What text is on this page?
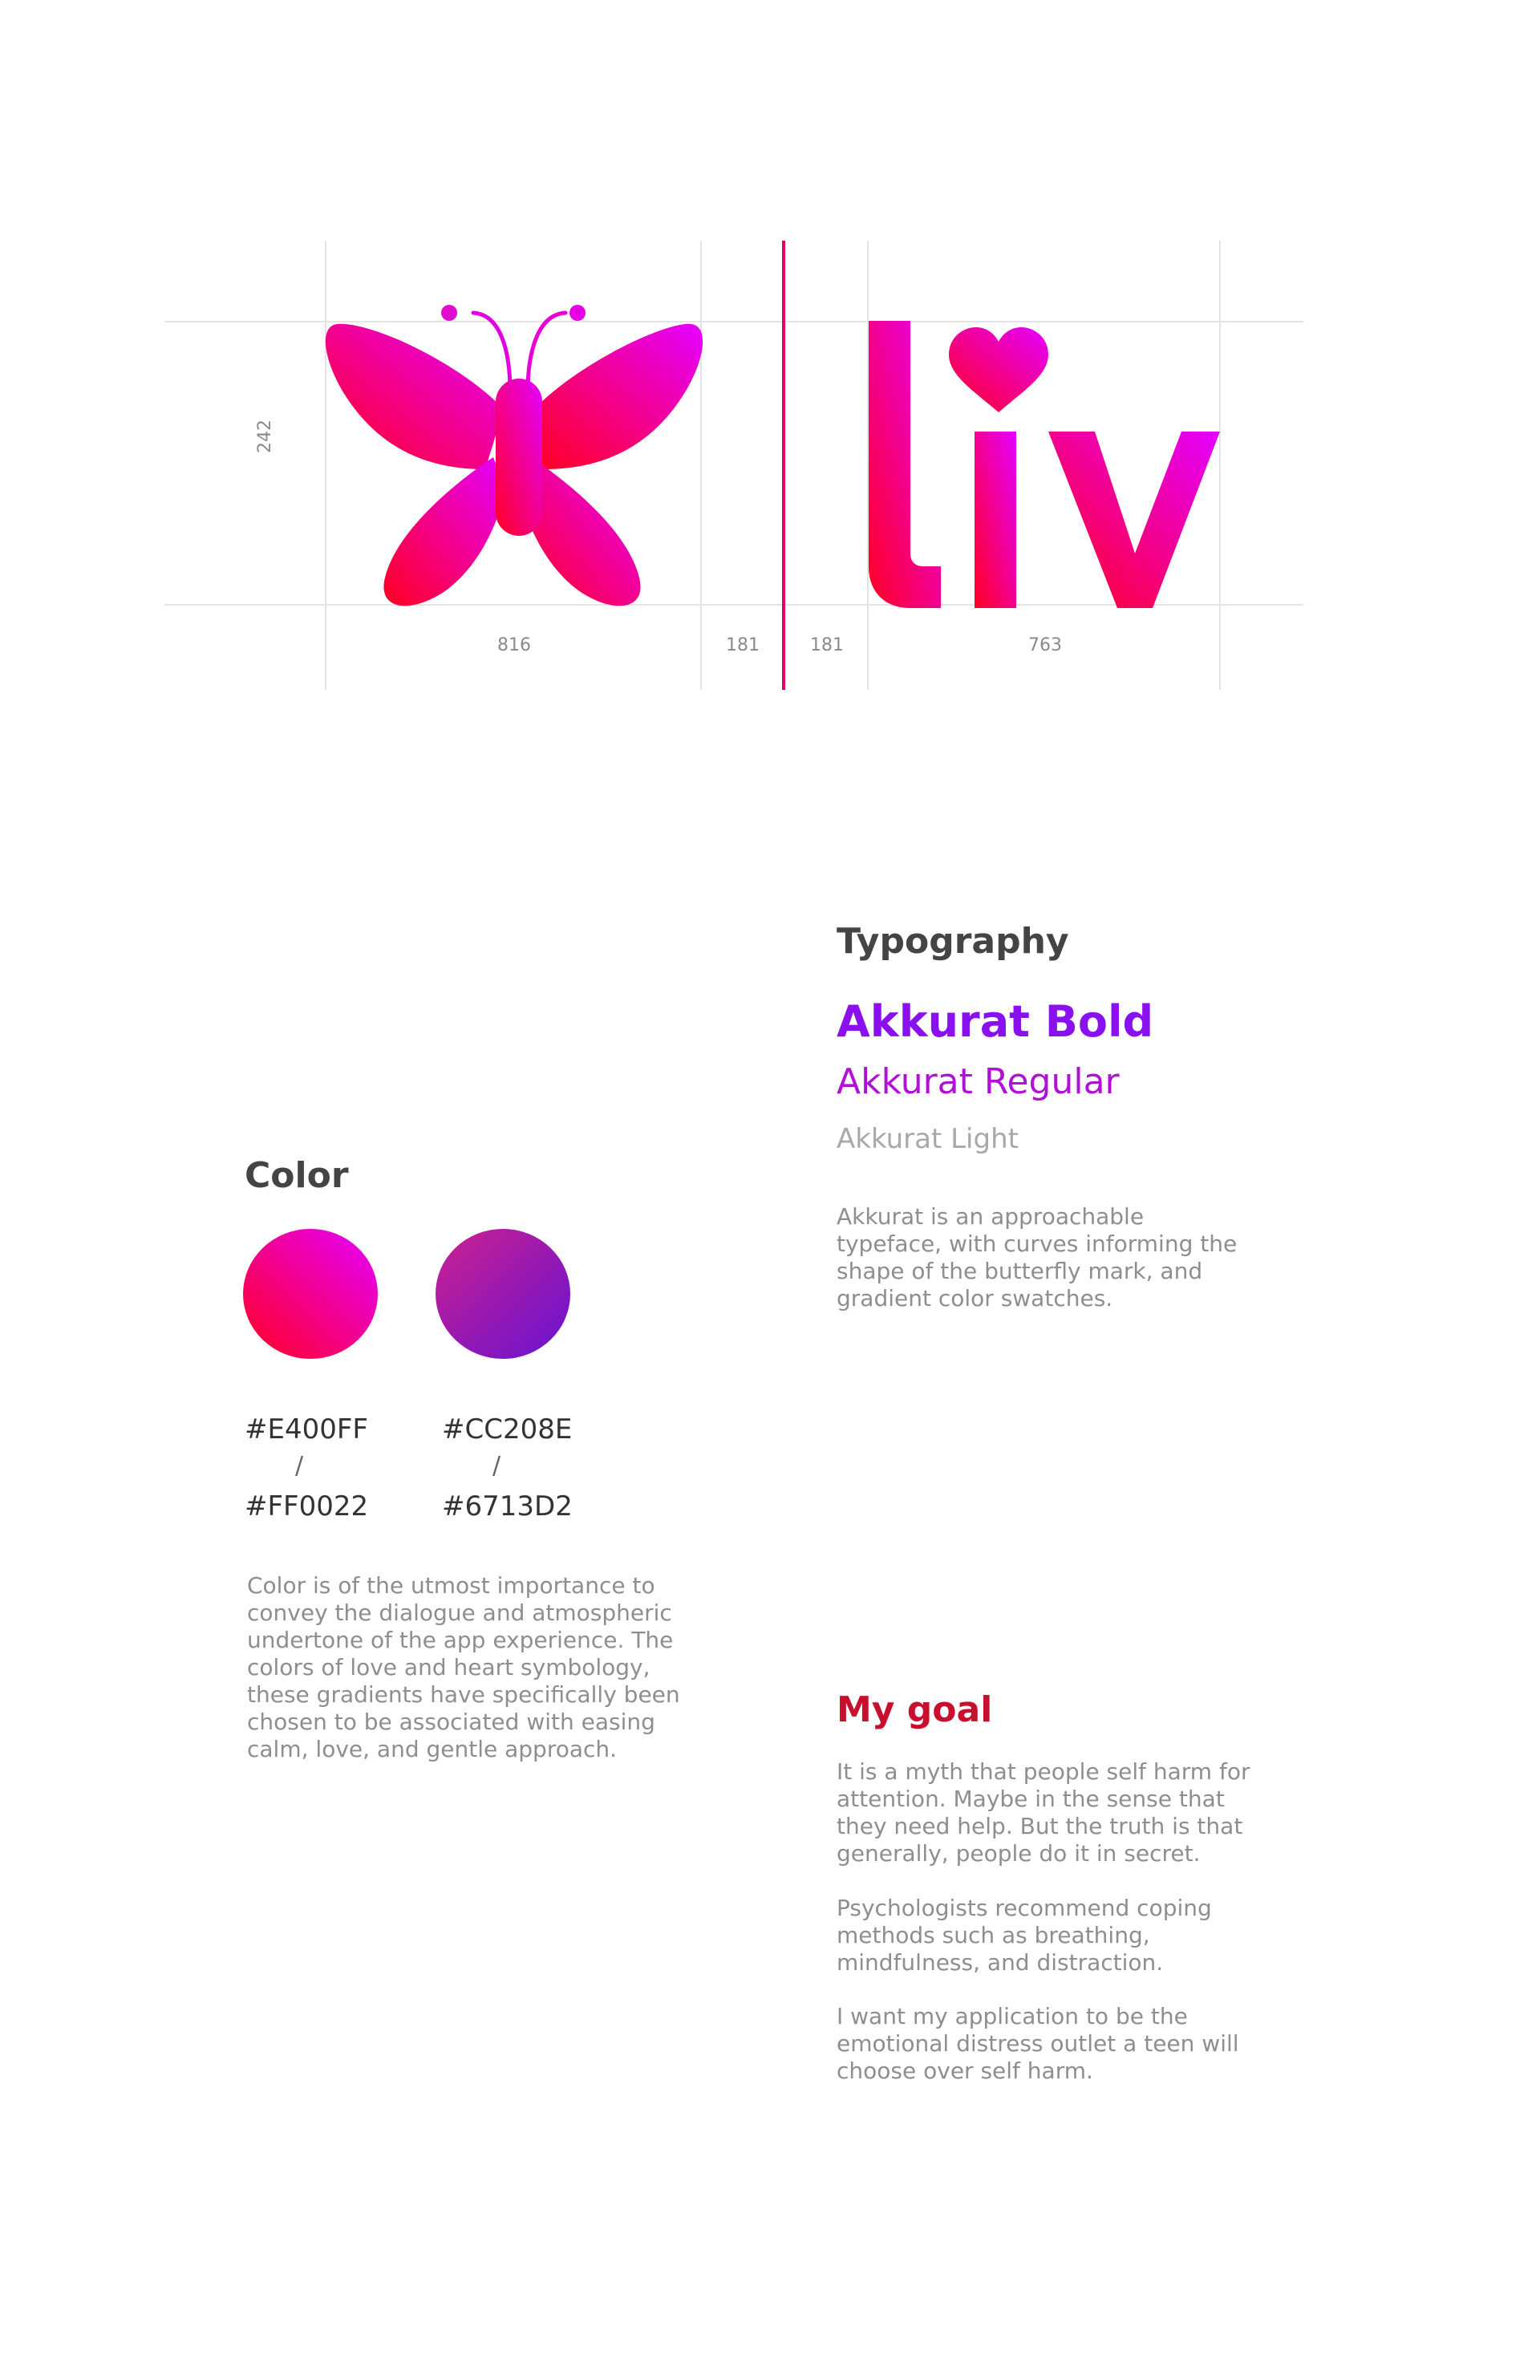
242
816	181	181	763
Typography
Akkurat Bold
Akkurat Regular
Akkurat Light
Akkurat is an approachable
typeface, with curves informing the
shape of the butterfly mark, and
gradient color swatches.
Color
#E400FF
/
#FF0022
#CC208E
/
#6713D2
Color is of the utmost importance to
convey the dialogue and atmospheric
undertone of the app experience. The
colors of love and heart symbology,
these gradients have specifically been
chosen to be associated with easing
calm, love, and gentle approach.
My goal
It is a myth that people self harm for
attention. Maybe in the sense that
they need help. But the truth is that
generally, people do it in secret.
Psychologists recommend coping
methods such as breathing,
mindfulness, and distraction.
I want my application to be the
emotional distress outlet a teen will
choose over self harm.
